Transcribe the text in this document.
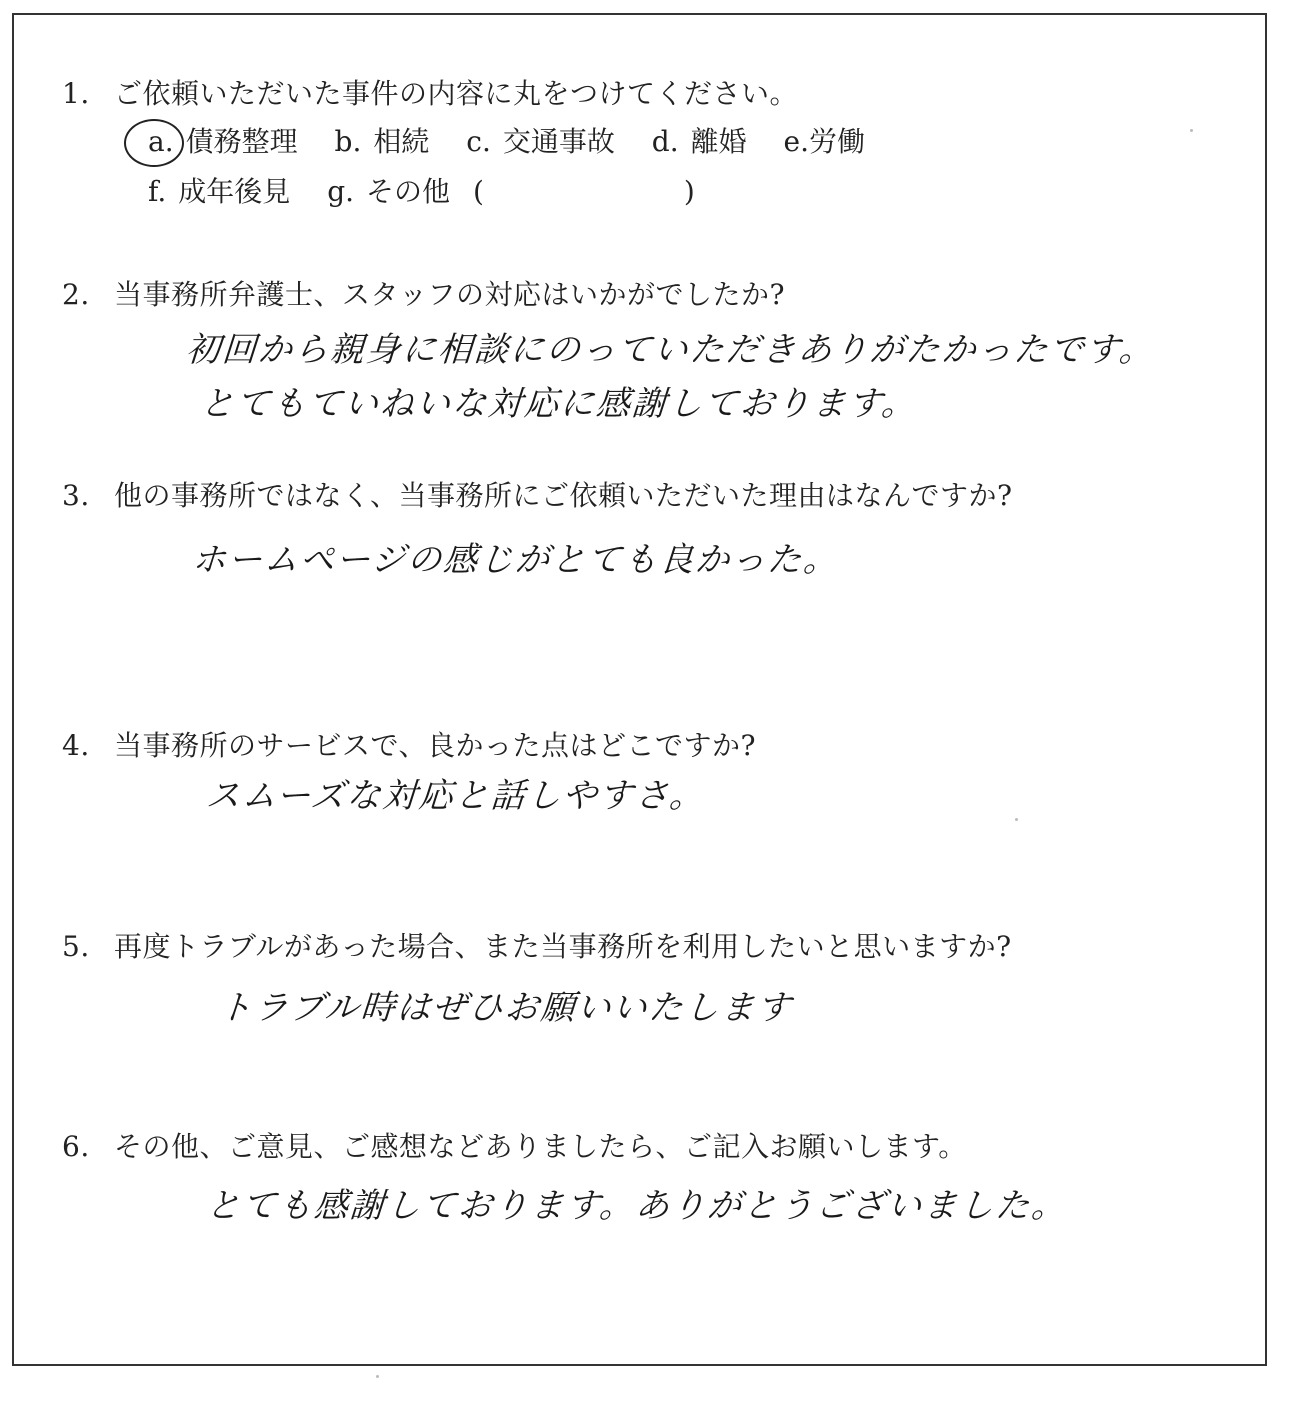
1. ご依頼いただいた事件の内容に丸をつけてください。
a. 債務整理 b. 相続 c. 交通事故 d. 離婚 e.労働
f. 成年後見 g. その他 (	)
2. 当事務所弁護士、スタッフの対応はいかがでしたか?
初回から親身に相談にのっていただきありがたかったです。
とてもていねいな対応に感謝しております。
3. 他の事務所ではなく、当事務所にご依頼いただいた理由はなんですか?
ホームページの感じがとても良かった。
4. 当事務所のサービスで、良かった点はどこですか?
スムーズな対応と話しやすさ。
5. 再度トラブルがあった場合、また当事務所を利用したいと思いますか?
トラブル時はぜひお願いいたします
6. その他、ご意見、ご感想などありましたら、ご記入お願いします。
とても感謝しております。ありがとうございました。
